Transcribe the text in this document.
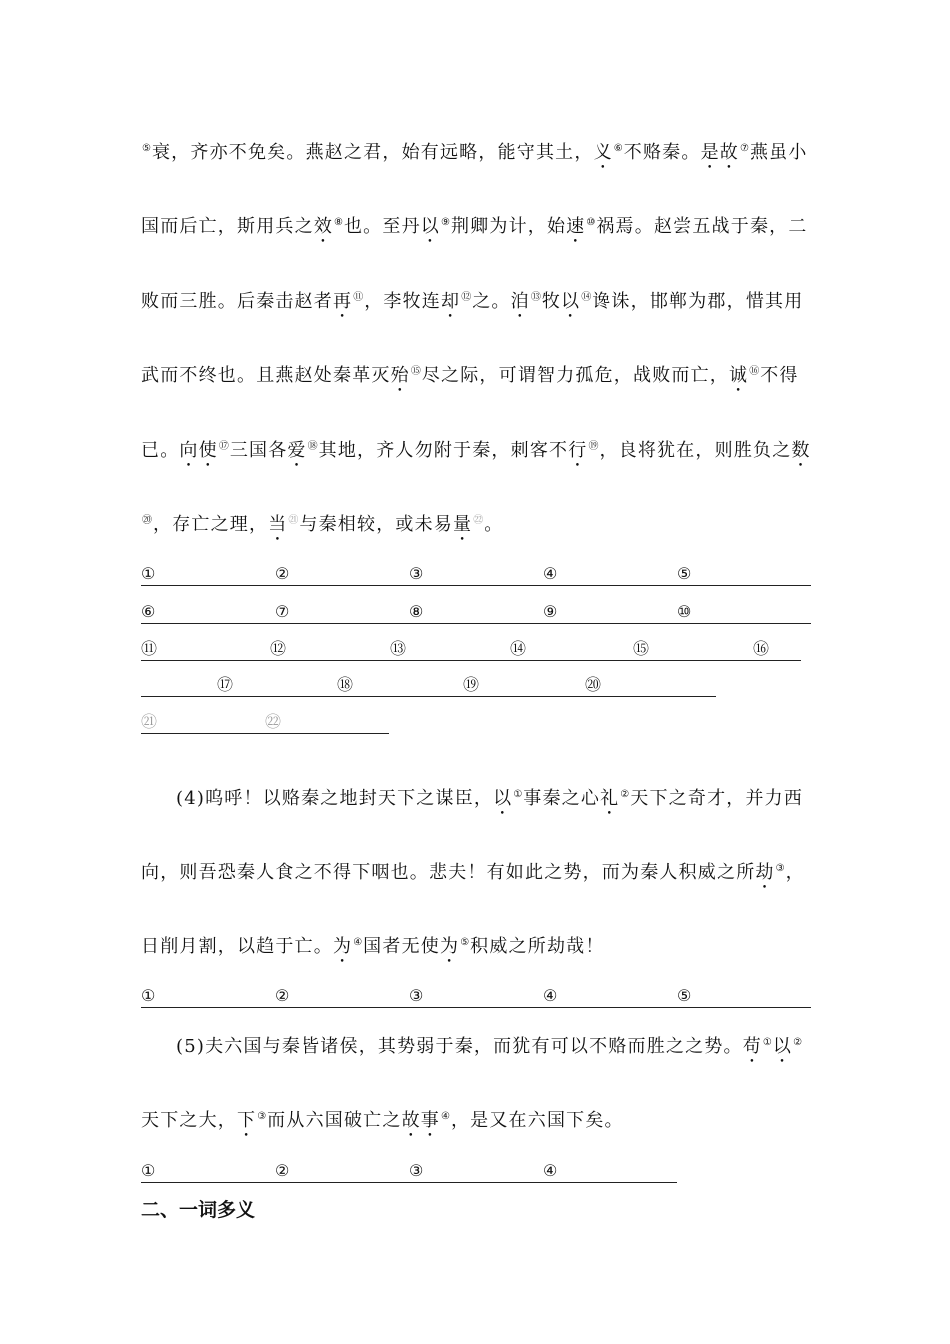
⑤衰，齐亦不免矣。燕赵之君，始有远略，能守其土，义⑥不赂秦。是故⑦燕虽小
国而后亡，斯用兵之效⑧也。至丹以⑨荆卿为计，始速⑩祸焉。赵尝五战于秦，二
败而三胜。后秦击赵者再⑪，李牧连却⑫之。洎⑬牧以⑭谗诛，邯郸为郡，惜其用
武而不终也。且燕赵处秦革灭殆⑮尽之际，可谓智力孤危，战败而亡，诚⑯不得
已。向使⑰三国各爱⑱其地，齐人勿附于秦，刺客不行⑲，良将犹在，则胜负之数
⑳，存亡之理，当$^㉑$与秦相较，或未易量$^㉒$。
①	②	③	④	⑤
⑥	⑦	⑧	⑨	⑩
⑪	⑫	⑬	⑭	⑮	⑯
⑰	⑱	⑲	⑳
㉑	㉒
(4)呜呼！以赂秦之地封天下之谋臣，以①事秦之心礼②天下之奇才，并力西
向，则吾恐秦人食之不得下咽也。悲夫！有如此之势，而为秦人积威之所劫③，
日削月割，以趋于亡。为④国者无使为⑤积威之所劫哉！
①	②	③	④	⑤
(5)夫六国与秦皆诸侯，其势弱于秦，而犹有可以不赂而胜之之势。苟①以②
天下之大，下③而从六国破亡之故事④，是又在六国下矣。
①	②	③	④
二、一词多义
